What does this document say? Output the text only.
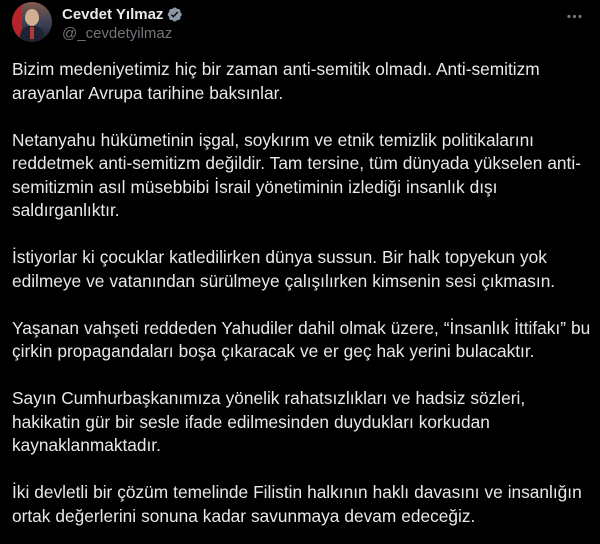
Cevdet Yılmaz
@_cevdetyilmaz

Bizim medeniyetimiz hiç bir zaman anti-semitik olmadı. Anti-semitizm arayanlar Avrupa tarihine baksınlar.

Netanyahu hükümetinin işgal, soykırım ve etnik temizlik politikalarını reddetmek anti-semitizm değildir. Tam tersine, tüm dünyada yükselen anti-semitizmin asıl müsebbibi İsrail yönetiminin izlediği insanlık dışı saldırganlıktır.

İstiyorlar ki çocuklar katledilirken dünya sussun. Bir halk topyekun yok edilmeye ve vatanından sürülmeye çalışılırken kimsenin sesi çıkmasın.

Yaşanan vahşeti reddeden Yahudiler dahil olmak üzere, “İnsanlık İttifakı” bu çirkin propagandaları boşa çıkaracak ve er geç hak yerini bulacaktır.

Sayın Cumhurbaşkanımıza yönelik rahatsızlıkları ve hadsiz sözleri, hakikatin gür bir sesle ifade edilmesinden duydukları korkudan kaynaklanmaktadır.

İki devletli bir çözüm temelinde Filistin halkının haklı davasını ve insanlığın ortak değerlerini sonuna kadar savunmaya devam edeceğiz.
